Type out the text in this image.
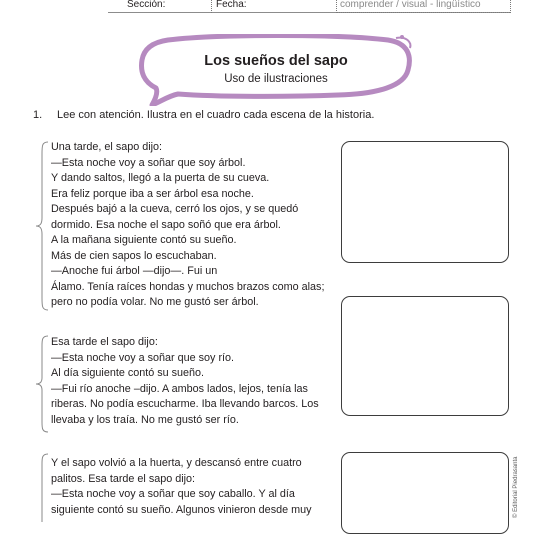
Sección:	Fecha:	comprender / visual - lingüístico
Los sueños del sapo
Uso de ilustraciones
1. Lee con atención. Ilustra en el cuadro cada escena de la historia.
Una tarde, el sapo dijo:
—Esta noche voy a soñar que soy árbol.
Y dando saltos, llegó a la puerta de su cueva.
Era feliz porque iba a ser árbol esa noche.
Después bajó a la cueva, cerró los ojos, y se quedó
dormido. Esa noche el sapo soñó que era árbol.
A la mañana siguiente contó su sueño.
Más de cien sapos lo escuchaban.
—Anoche fui árbol —dijo—. Fui un
Álamo. Tenía raíces hondas y muchos brazos como alas;
pero no podía volar. No me gustó ser árbol.
Esa tarde el sapo dijo:
—Esta noche voy a soñar que soy río.
Al día siguiente contó su sueño.
—Fui río anoche –dijo. A ambos lados, lejos, tenía las
riberas. No podía escucharme. Iba llevando barcos. Los
llevaba y los traía. No me gustó ser río.
Y el sapo volvió a la huerta, y descansó entre cuatro
palitos. Esa tarde el sapo dijo:
—Esta noche voy a soñar que soy caballo. Y al día
siguiente contó su sueño. Algunos vinieron desde muy	© Editorial Piedrasanta
